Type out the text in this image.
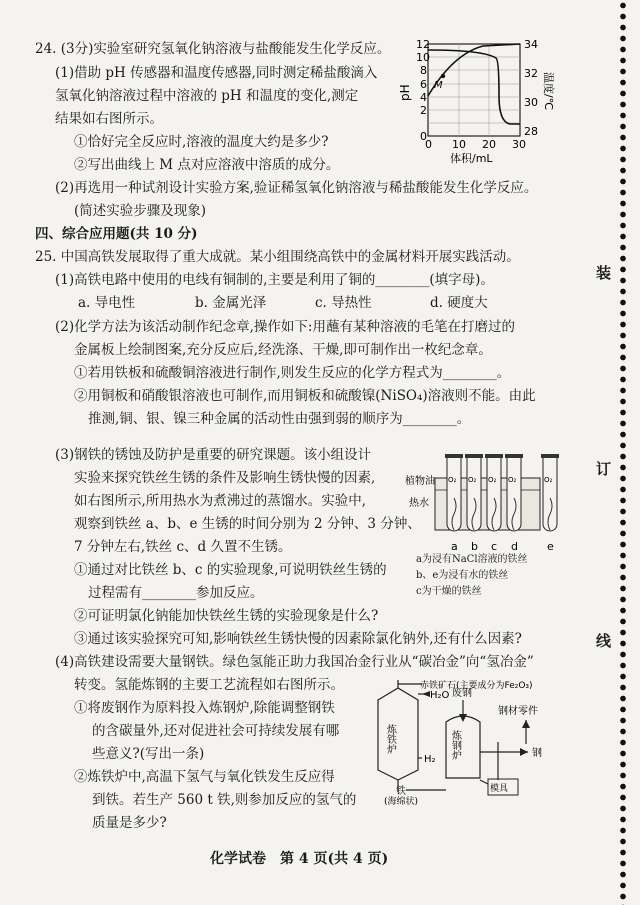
24. (3分)实验室研究氢氧化钠溶液与盐酸能发生化学反应。
(1)借助 pH 传感器和温度传感器,同时测定稀盐酸滴入
氢氧化钠溶液过程中溶液的 pH 和温度的变化,测定
结果如右图所示。
①恰好完全反应时,溶液的温度大约是多少?
②写出曲线上 M 点对应溶液中溶质的成分。
(2)再选用一种试剂设计实验方案,验证稀氢氧化钠溶液与稀盐酸能发生化学反应。
(简述实验步骤及现象)
M
12
10
8
6
4
2
0
34
32
30
28
0 10 20 30
pH	温度/℃
体积/mL
四、综合应用题(共 10 分)
25. 中国高铁发展取得了重大成就。某小组围绕高铁中的金属材料开展实践活动。
(1)高铁电路中使用的电线有铜制的,主要是利用了铜的________(填字母)。
a. 导电性	b. 金属光泽	c. 导热性	d. 硬度大
(2)化学方法为该活动制作纪念章,操作如下:用蘸有某种溶液的毛笔在打磨过的
金属板上绘制图案,充分反应后,经洗涤、干燥,即可制作出一枚纪念章。
①若用铁板和硫酸铜溶液进行制作,则发生反应的化学方程式为________。
②用铜板和硝酸银溶液也可制作,而用铜板和硫酸镍(NiSO₄)溶液则不能。由此
推测,铜、银、镍三种金属的活动性由强到弱的顺序为________。
(3)钢铁的锈蚀及防护是重要的研究课题。该小组设计
实验来探究铁丝生锈的条件及影响生锈快慢的因素,
如右图所示,所用热水为煮沸过的蒸馏水。实验中,
观察到铁丝 a、b、e 生锈的时间分别为 2 分钟、3 分钟、
7 分钟左右,铁丝 c、d 久置不生锈。
①通过对比铁丝 b、c 的实验现象,可说明铁丝生锈的
过程需有________参加反应。
②可证明氯化钠能加快铁丝生锈的实验现象是什么?
③通过该实验探究可知,影响铁丝生锈快慢的因素除氯化钠外,还有什么因素?
(4)高铁建设需要大量钢铁。绿色氢能正助力我国冶金行业从“碳冶金”向“氢冶金”
转变。氢能炼钢的主要工艺流程如右图所示。
①将废钢作为原料投入炼钢炉,除能调整钢铁
的含碳量外,还对促进社会可持续发展有哪
些意义?(写出一条)
②炼铁炉中,高温下氢气与氧化铁发生反应得
到铁。若生产 560 t 铁,则参加反应的氢气的
质量是多少?
O₂ O₂ O₂ O₂	O₂
植物油
热水
a b c d	e
a为浸有NaCl溶液的铁丝
b、e为浸有水的铁丝
c为干燥的铁丝
赤铁矿石(主要成分为Fe₂O₃)
H₂O 废钢
炼铁炉
H₂
铁
(海绵状)
炼钢炉
钢材零件
钢
模具
化学试卷　第 4 页(共 4 页)
装
订
线
